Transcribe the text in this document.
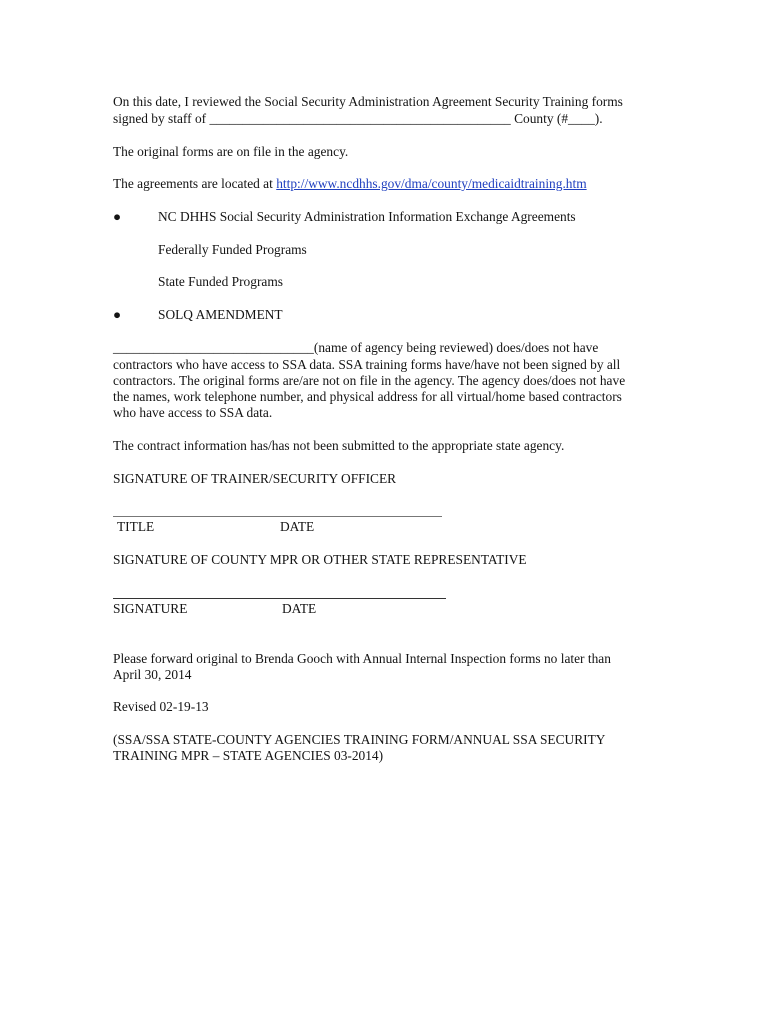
On this date, I reviewed the Social Security Administration Agreement Security Training forms
signed by staff of _____________________________________________ County (#____).
The original forms are on file in the agency.
The agreements are located at http://www.ncdhhs.gov/dma/county/medicaidtraining.htm
●	NC DHHS Social Security Administration Information Exchange Agreements
Federally Funded Programs
State Funded Programs
●	SOLQ AMENDMENT
______________________________(name of agency being reviewed) does/does not have
contractors who have access to SSA data. SSA training forms have/have not been signed by all
contractors. The original forms are/are not on file in the agency. The agency does/does not have
the names, work telephone number, and physical address for all virtual/home based contractors
who have access to SSA data.
The contract information has/has not been submitted to the appropriate state agency.
SIGNATURE OF TRAINER/SECURITY OFFICER
TITLE	DATE
SIGNATURE OF COUNTY MPR OR OTHER STATE REPRESENTATIVE
SIGNATURE	DATE
Please forward original to Brenda Gooch with Annual Internal Inspection forms no later than
April 30, 2014
Revised 02-19-13
(SSA/SSA STATE-COUNTY AGENCIES TRAINING FORM/ANNUAL SSA SECURITY
TRAINING MPR – STATE AGENCIES 03-2014)
